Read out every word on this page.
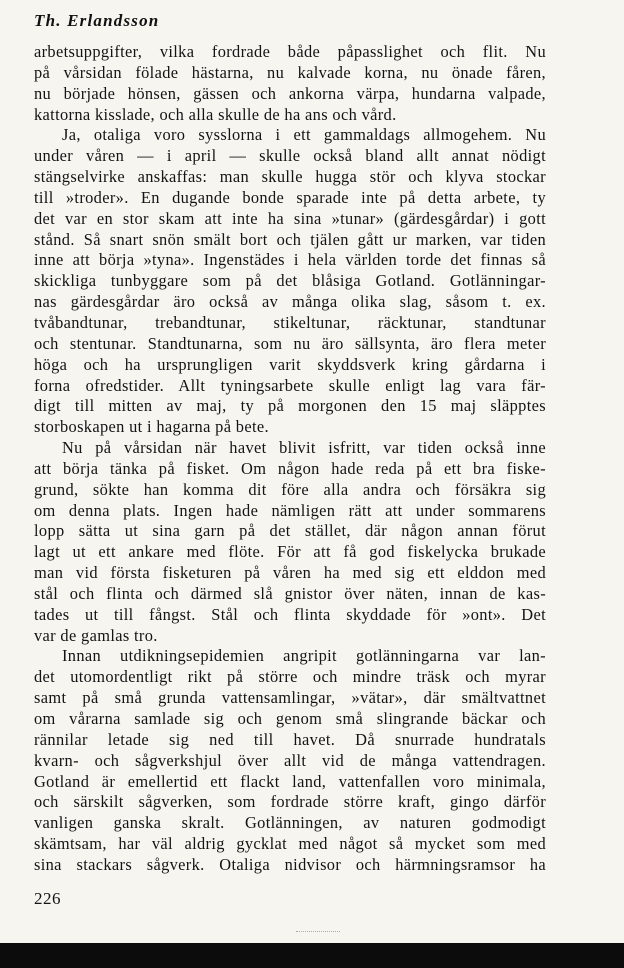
Th. Erlandsson
arbetsuppgifter, vilka fordrade både påpasslighet och flit. Nu
på vårsidan fölade hästarna, nu kalvade korna, nu önade fåren,
nu började hönsen, gässen och ankorna värpa, hundarna valpade,
kattorna kisslade, och alla skulle de ha ans och vård.
Ja, otaliga voro sysslorna i ett gammaldags allmogehem. Nu
under våren — i april — skulle också bland allt annat nödigt
stängselvirke anskaffas: man skulle hugga stör och klyva stockar
till »troder». En dugande bonde sparade inte på detta arbete, ty
det var en stor skam att inte ha sina »tunar» (gärdesgårdar) i gott
stånd. Så snart snön smält bort och tjälen gått ur marken, var tiden
inne att börja »tyna». Ingenstädes i hela världen torde det finnas så
skickliga tunbyggare som på det blåsiga Gotland. Gotlänningar-
nas gärdesgårdar äro också av många olika slag, såsom t. ex.
tvåbandtunar, trebandtunar, stikeltunar, räcktunar, standtunar
och stentunar. Standtunarna, som nu äro sällsynta, äro flera meter
höga och ha ursprungligen varit skyddsverk kring gårdarna i
forna ofredstider. Allt tyningsarbete skulle enligt lag vara fär-
digt till mitten av maj, ty på morgonen den 15 maj släpptes
storboskapen ut i hagarna på bete.
Nu på vårsidan när havet blivit isfritt, var tiden också inne
att börja tänka på fisket. Om någon hade reda på ett bra fiske-
grund, sökte han komma dit före alla andra och försäkra sig
om denna plats. Ingen hade nämligen rätt att under sommarens
lopp sätta ut sina garn på det stället, där någon annan förut
lagt ut ett ankare med flöte. För att få god fiskelycka brukade
man vid första fisketuren på våren ha med sig ett elddon med
stål och flinta och därmed slå gnistor över näten, innan de kas-
tades ut till fångst. Stål och flinta skyddade för »ont». Det
var de gamlas tro.
Innan utdikningsepidemien angripit gotlänningarna var lan-
det utomordentligt rikt på större och mindre träsk och myrar
samt på små grunda vattensamlingar, »vätar», där smältvattnet
om vårarna samlade sig och genom små slingrande bäckar och
rännilar letade sig ned till havet. Då snurrade hundratals
kvarn- och sågverkshjul över allt vid de många vattendragen.
Gotland är emellertid ett flackt land, vattenfallen voro minimala,
och särskilt sågverken, som fordrade större kraft, gingo därför
vanligen ganska skralt. Gotlänningen, av naturen godmodigt
skämtsam, har väl aldrig gycklat med något så mycket som med
sina stackars sågverk. Otaliga nidvisor och härmningsramsor ha
226
